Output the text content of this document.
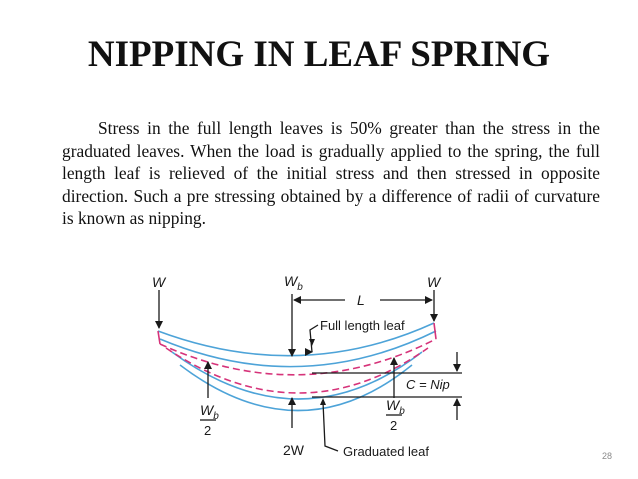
NIPPING IN LEAF SPRING

Stress in the full length leaves is 50% greater than the stress in the graduated leaves. When the load is gradually applied to the spring, the full length leaf is relieved of the initial stress and then stressed in opposite direction. Such a pre stressing obtained by a difference of radii of curvature is known as nipping.

W	$W_b$	W
L
Full length leaf
C = Nip
$W_b$
2
$W_b$
2
2W	Graduated leaf	28
